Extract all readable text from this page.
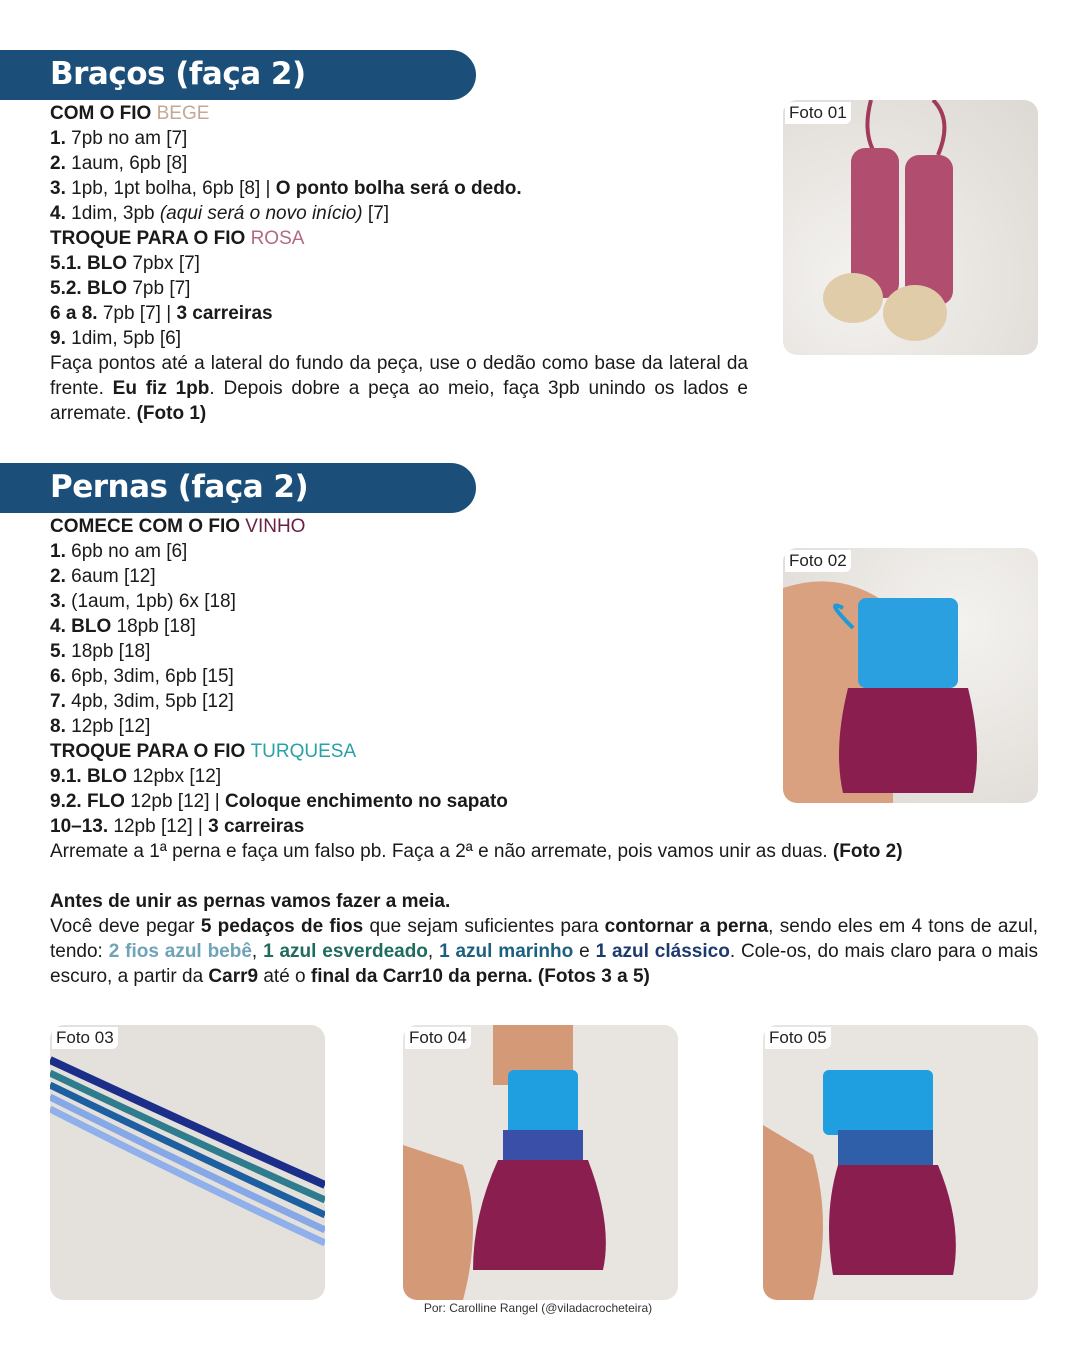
Braços (faça 2)
COM O FIO BEGE
1. 7pb no am [7]
2. 1aum, 6pb [8]
3. 1pb, 1pt bolha, 6pb [8] | O ponto bolha será o dedo.
4. 1dim, 3pb (aqui será o novo início) [7]
TROQUE PARA O FIO ROSA
5.1. BLO 7pbx [7]
5.2. BLO 7pb [7]
6 a 8. 7pb [7] | 3 carreiras
9. 1dim, 5pb [6]
Faça pontos até a lateral do fundo da peça, use o dedão como base da lateral da frente. Eu fiz 1pb. Depois dobre a peça ao meio, faça 3pb unindo os lados e arremate. (Foto 1)
Pernas (faça 2)
COMECE COM O FIO VINHO
1. 6pb no am [6]
2. 6aum [12]
3. (1aum, 1pb) 6x [18]
4. BLO 18pb [18]
5. 18pb [18]
6. 6pb, 3dim, 6pb [15]
7. 4pb, 3dim, 5pb [12]
8. 12pb [12]
TROQUE PARA O FIO TURQUESA
9.1. BLO 12pbx [12]
9.2. FLO 12pb [12] | Coloque enchimento no sapato
10–13. 12pb [12] | 3 carreiras
Arremate a 1ª perna e faça um falso pb. Faça a 2ª e não arremate, pois vamos unir as duas. (Foto 2)
Antes de unir as pernas vamos fazer a meia.
Você deve pegar 5 pedaços de fios que sejam suficientes para contornar a perna, sendo eles em 4 tons de azul, tendo: 2 fios azul bebê, 1 azul esverdeado, 1 azul marinho e 1 azul clássico. Cole-os, do mais claro para o mais escuro, a partir da Carr9 até o final da Carr10 da perna. (Fotos 3 a 5)
Foto 01
Foto 02
Foto 03	Foto 04	Foto 05
Por: Carolline Rangel (@viladacrocheteira)
